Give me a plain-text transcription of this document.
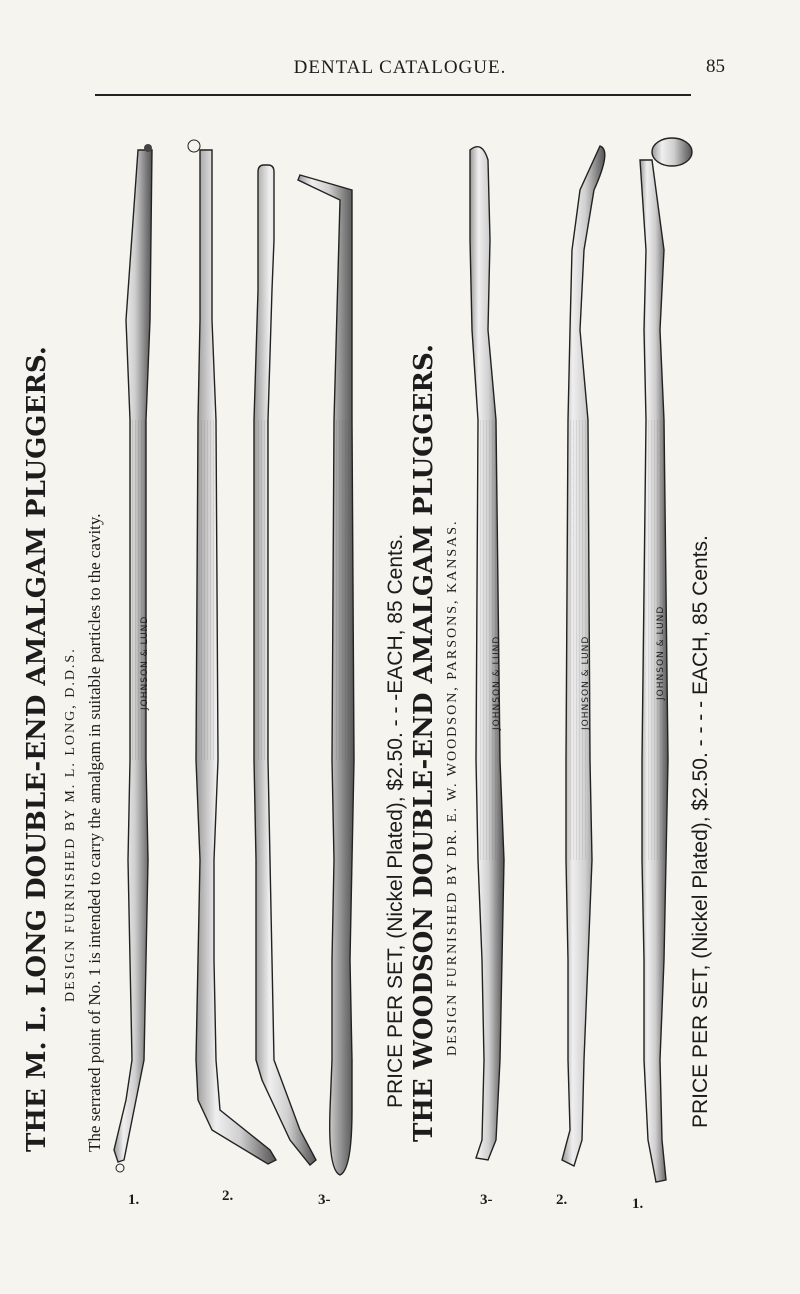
DENTAL CATALOGUE.	85
THE M. L. LONG DOUBLE-END AMALGAM PLUGGERS. DESIGN FURNISHED BY M. L. LONG, D.D.S. The serrated point of No. 1 is intended to carry the amalgam in suitable particles to the cavity.	PRICE PER SET, (Nickel Plated), $2.50. - - -EACH, 85 Cents. THE WOODSON DOUBLE-END AMALGAM PLUGGERS. DESIGN FURNISHED BY DR. E. W. WOODSON, PARSONS, KANSAS.	PRICE PER SET, (Nickel Plated), $2.50. - - - - EACH, 85 Cents.
JOHNSON & LUND	JOHNSON & LUND	JOHNSON & LUND	JOHNSON & LUND
1.	2.	3-	3-	2.	1.
